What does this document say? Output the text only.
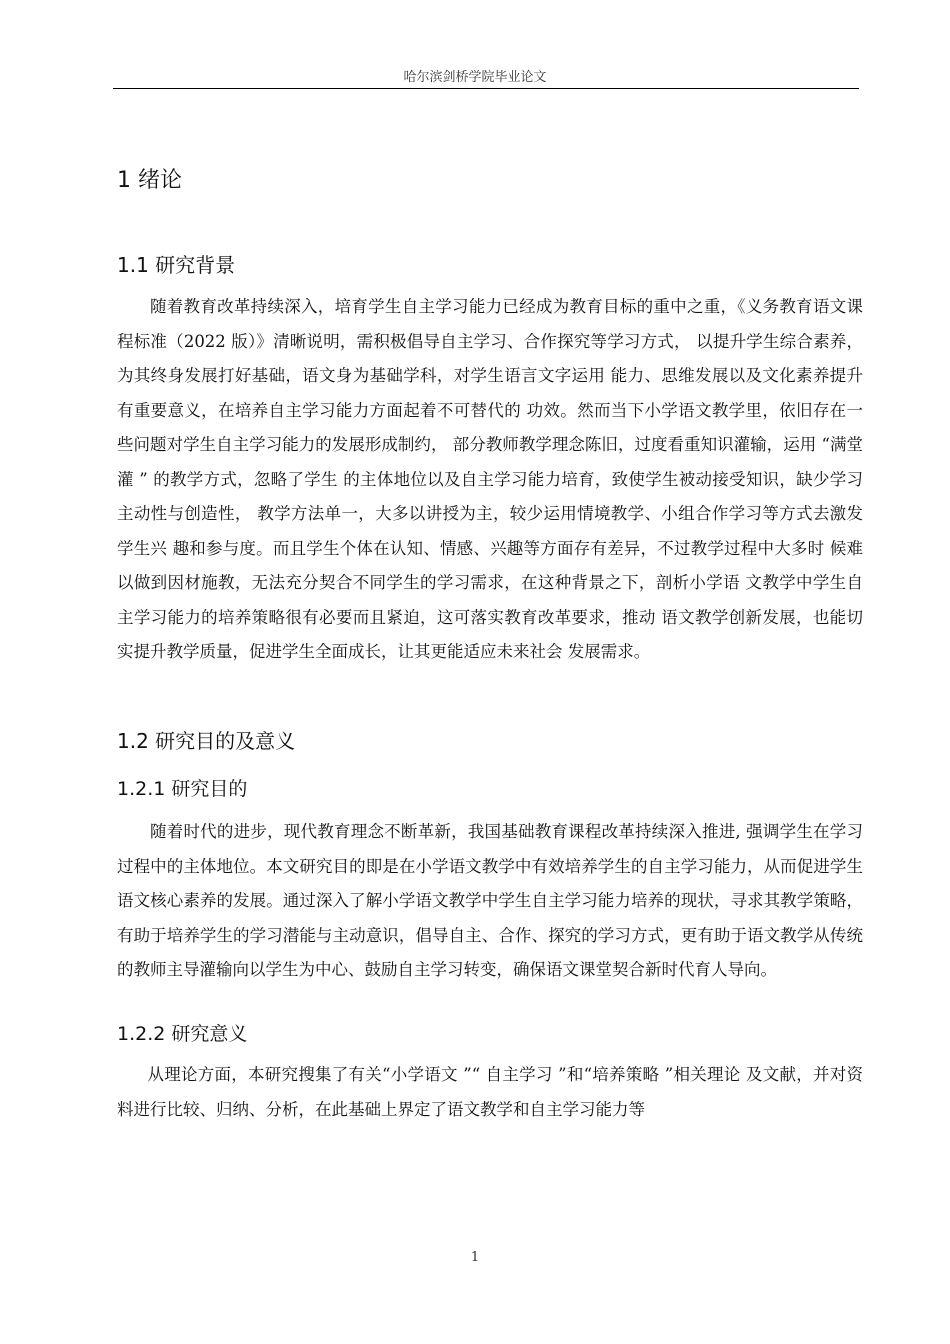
哈尔滨剑桥学院毕业论文
1 绪论
1.1 研究背景

随着教育改革持续深入，培育学生自主学习能力已经成为教育目标的重中之重，《义务教育语文课程标准（2022 版）》清晰说明，需积极倡导自主学习、合作探究等学习方式， 以提升学生综合素养，为其终身发展打好基础，语文身为基础学科，对学生语言文字运用 能力、思维发展以及文化素养提升有重要意义，在培养自主学习能力方面起着不可替代的 功效。然而当下小学语文教学里，依旧存在一些问题对学生自主学习能力的发展形成制约， 部分教师教学理念陈旧，过度看重知识灌输，运用 “满堂灌 ” 的教学方式，忽略了学生 的主体地位以及自主学习能力培育，致使学生被动接受知识，缺少学习主动性与创造性， 教学方法单一，大多以讲授为主，较少运用情境教学、小组合作学习等方式去激发学生兴 趣和参与度。而且学生个体在认知、情感、兴趣等方面存有差异，不过教学过程中大多时 候难以做到因材施教，无法充分契合不同学生的学习需求，在这种背景之下，剖析小学语 文教学中学生自主学习能力的培养策略很有必要而且紧迫，这可落实教育改革要求，推动 语文教学创新发展，也能切实提升教学质量，促进学生全面成长，让其更能适应未来社会 发展需求。

1.2 研究目的及意义
1.2.1 研究目的

随着时代的进步，现代教育理念不断革新，我国基础教育课程改革持续深入推进, 强调学生在学习过程中的主体地位。本文研究目的即是在小学语文教学中有效培养学生的自主学习能力，从而促进学生语文核心素养的发展。通过深入了解小学语文教学中学生自主学习能力培养的现状，寻求其教学策略，有助于培养学生的学习潜能与主动意识，倡导自主、合作、探究的学习方式，更有助于语文教学从传统的教师主导灌输向以学生为中心、鼓励自主学习转变，确保语文课堂契合新时代育人导向。

1.2.2 研究意义

从理论方面，本研究搜集了有关“小学语文 ”“ 自主学习 ”和“培养策略 ”相关理论 及文献，并对资料进行比较、归纳、分析，在此基础上界定了语文教学和自主学习能力等

1
